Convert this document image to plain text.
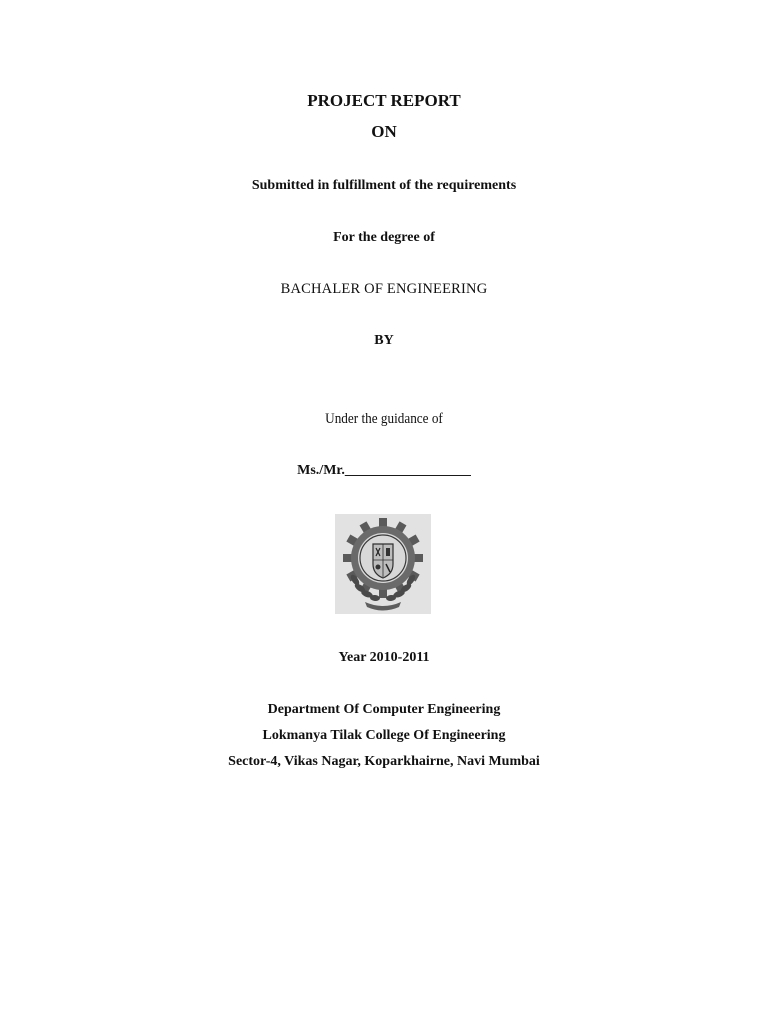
PROJECT REPORT
ON
Submitted in fulfillment of the requirements
For the degree of
BACHALER OF ENGINEERING
BY
Under the guidance of
Ms./Mr.__________________
Year 2010-2011
Department Of Computer Engineering
Lokmanya Tilak College Of Engineering
Sector-4, Vikas Nagar, Koparkhairne, Navi Mumbai
